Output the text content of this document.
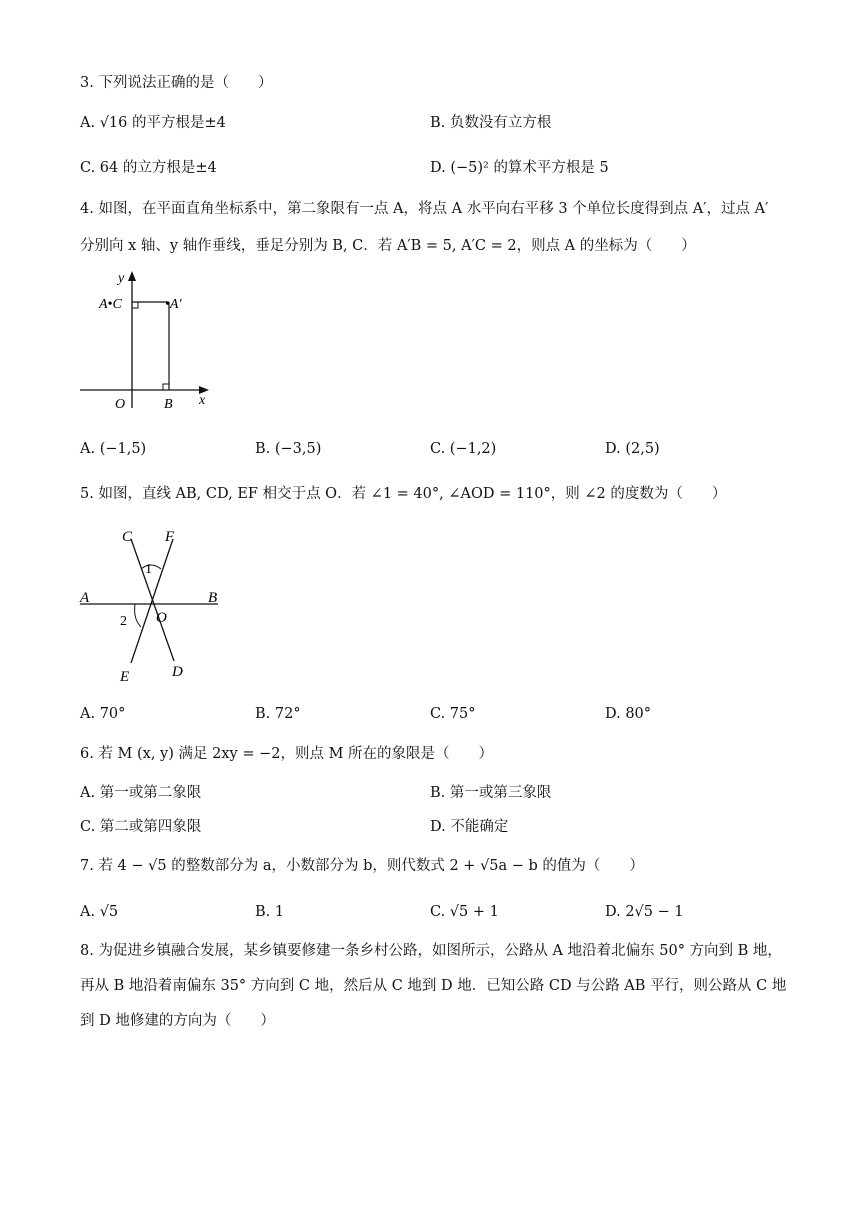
3. 下列说法正确的是（　　）
A. √16 的平方根是±4	B. 负数没有立方根
C. 64 的立方根是±4	D. (−5)² 的算术平方根是 5
4. 如图，在平面直角坐标系中，第二象限有一点 A，将点 A 水平向右平移 3 个单位长度得到点 A′，过点 A′
分别向 x 轴、y 轴作垂线，垂足分别为 B, C．若 A′B = 5, A′C = 2，则点 A 的坐标为（　　）
y
x
O	B
A•C	•A′
A. (−1,5)	B. (−3,5)	C. (−1,2)	D. (2,5)
5. 如图，直线 AB, CD, EF 相交于点 O．若 ∠1 = 40°, ∠AOD = 110°，则 ∠2 的度数为（　　）
C F
1
A	B
O
2
E	D
A. 70°	B. 72°	C. 75°	D. 80°
6. 若 M (x, y) 满足 2xy = −2，则点 M 所在的象限是（　　）
A. 第一或第二象限	B. 第一或第三象限
C. 第二或第四象限	D. 不能确定
7. 若 4 − √5 的整数部分为 a，小数部分为 b，则代数式 2 + √5a − b 的值为（　　）
A. √5	B. 1	C. √5 + 1	D. 2√5 − 1
8. 为促进乡镇融合发展，某乡镇要修建一条乡村公路，如图所示，公路从 A 地沿着北偏东 50° 方向到 B 地，
再从 B 地沿着南偏东 35° 方向到 C 地，然后从 C 地到 D 地．已知公路 CD 与公路 AB 平行，则公路从 C 地
到 D 地修建的方向为（　　）
